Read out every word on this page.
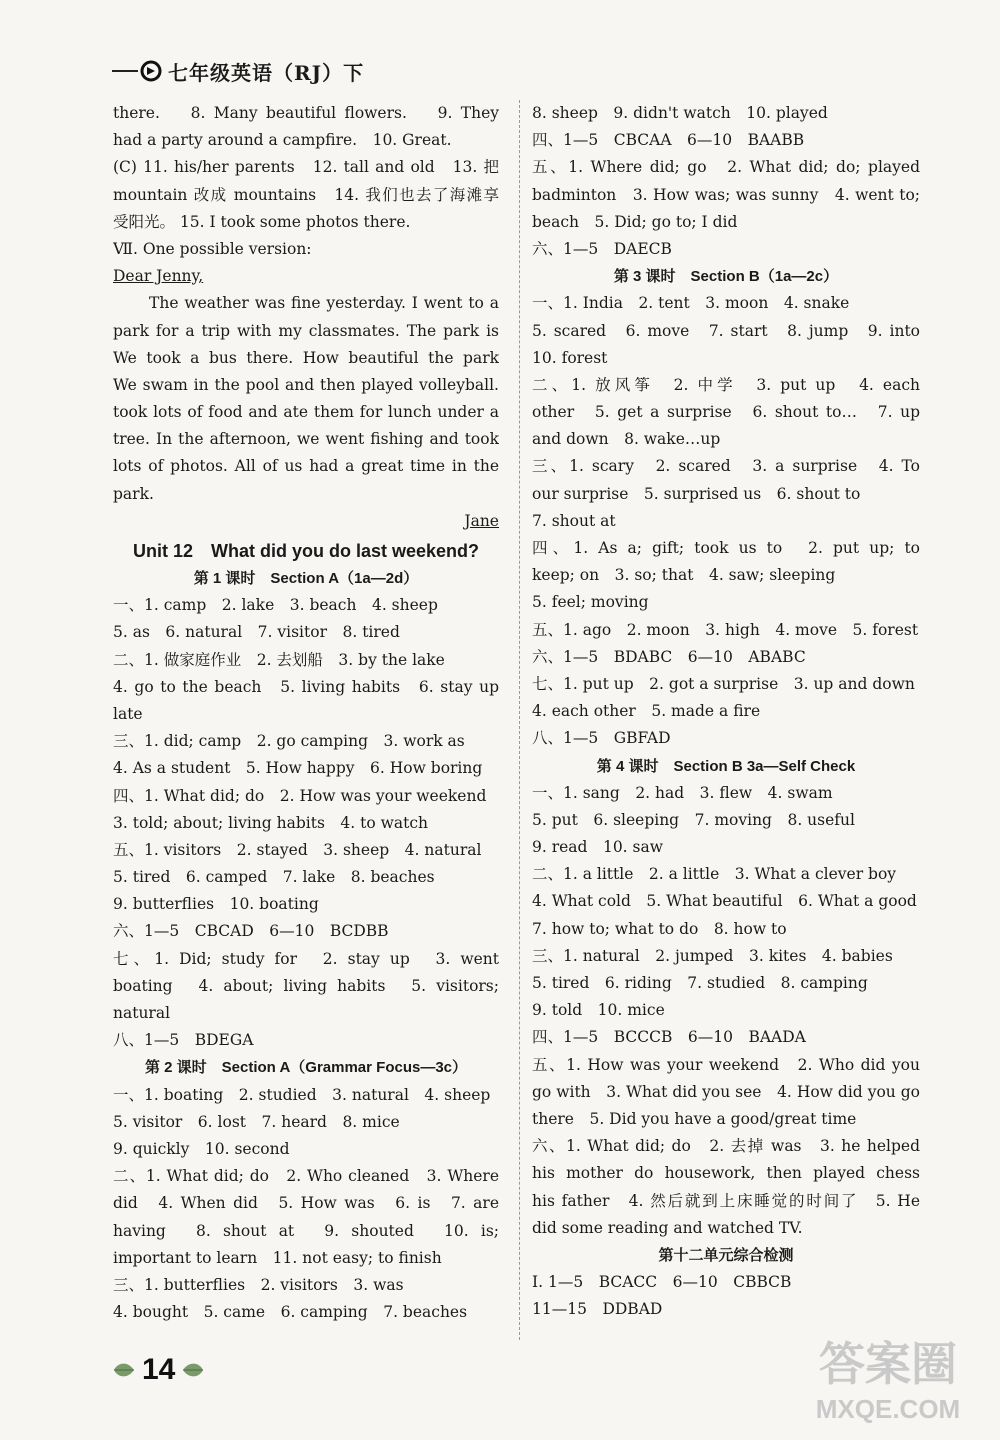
七年级英语（RJ）下
there.　 8. Many beautiful flowers.　 9. They
had a party around a campfire.　10. Great.
(C) 11. his/her parents　12. tall and old　13. 把
mountain 改成 mountains　14. 我们也去了海滩享
受阳光。 15. I took some photos there.
Ⅶ. One possible version:
Dear Jenny,
The weather was fine yesterday. I went to a
park for a trip with my classmates. The park is
We took a bus there. How beautiful the park
We swam in the pool and then played volleyball.
took lots of food and ate them for lunch under a
tree. In the afternoon, we went fishing and took
lots of photos. All of us had a great time in the
park.
Jane
Unit 12　What did you do last weekend?
第 1 课时　Section A（1a—2d）
一、1. camp　2. lake　3. beach　4. sheep
5. as　6. natural　7. visitor　8. tired
二、1. 做家庭作业　2. 去划船　3. by the lake
4. go to the beach　5. living habits　6. stay up
late
三、1. did; camp　2. go camping　3. work as
4. As a student　5. How happy　6. How boring
四、1. What did; do　2. How was your weekend
3. told; about; living habits　4. to watch
五、1. visitors　2. stayed　3. sheep　4. natural
5. tired　6. camped　7. lake　8. beaches
9. butterflies　10. boating
六、1—5　CBCAD　6—10　BCDBB
七、1. Did; study for　2. stay up　3. went
boating　4. about; living habits　5. visitors;
natural
八、1—5　BDEGA
第 2 课时　Section A（Grammar Focus—3c）
一、1. boating　2. studied　3. natural　4. sheep
5. visitor　6. lost　7. heard　8. mice
9. quickly　10. second
二、1. What did; do　2. Who cleaned　3. Where
did　4. When did　5. How was　6. is　7. are
having　8. shout at　9. shouted　10. is;
important to learn　11. not easy; to finish
三、1. butterflies　2. visitors　3. was
4. bought　5. came　6. camping　7. beaches
8. sheep　9. didn't watch　10. played
四、1—5　CBCAA　6—10　BAABB
五、1. Where did; go　2. What did; do; played
badminton　3. How was; was sunny　4. went to;
beach　5. Did; go to; I did
六、1—5　DAECB
第 3 课时　Section B（1a—2c）
一、1. India　2. tent　3. moon　4. snake
5. scared　6. move　7. start　8. jump　9. into
10. forest
二、1. 放风筝　2. 中学　3. put up　4. each
other　5. get a surprise　6. shout to…　7. up
and down　8. wake…up
三、1. scary　2. scared　3. a surprise　4. To
our surprise　5. surprised us　6. shout to
7. shout at
四、1. As a; gift; took us to　2. put up; to
keep; on　3. so; that　4. saw; sleeping
5. feel; moving
五、1. ago　2. moon　3. high　4. move　5. forest
六、1—5　BDABC　6—10　ABABC
七、1. put up　2. got a surprise　3. up and down
4. each other　5. made a fire
八、1—5　GBFAD
第 4 课时　Section B 3a—Self Check
一、1. sang　2. had　3. flew　4. swam
5. put　6. sleeping　7. moving　8. useful
9. read　10. saw
二、1. a little　2. a little　3. What a clever boy
4. What cold　5. What beautiful　6. What a good
7. how to; what to do　8. how to
三、1. natural　2. jumped　3. kites　4. babies
5. tired　6. riding　7. studied　8. camping
9. told　10. mice
四、1—5　BCCCB　6—10　BAADA
五、1. How was your weekend　2. Who did you
go with　3. What did you see　4. How did you go
there　5. Did you have a good/great time
六、1. What did; do　2. 去掉 was　3. he helped
his mother do housework, then played chess
his father　4. 然后就到上床睡觉的时间了　5. He
did some reading and watched TV.
第十二单元综合检测
Ⅰ. 1—5　BCACC　6—10　CBBCB
11—15　DDBAD
14	答案圈
MXQE.COM
